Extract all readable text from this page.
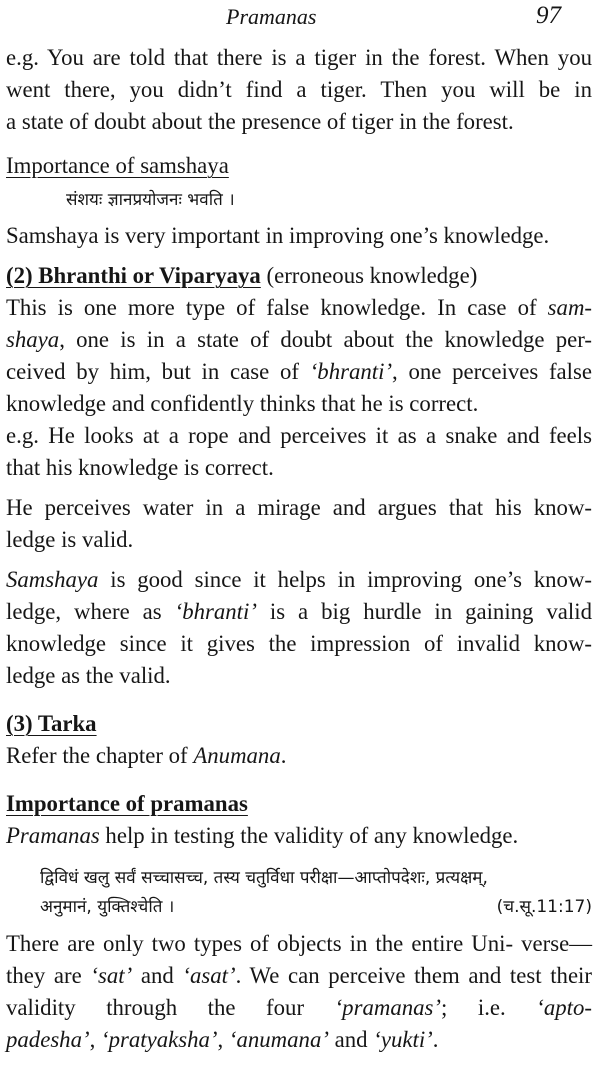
Pramanas	97

e.g. You are told that there is a tiger in the forest. When you went there, you didn’t find a tiger. Then you will be in
a state of doubt about the presence of tiger in the forest.

Importance of samshaya

संशयः ज्ञानप्रयोजनः भवति ।

Samshaya is very important in improving one’s knowledge.

(2) Bhranthi or Viparyaya (erroneous knowledge)

This is one more type of false knowledge. In case of sam- shaya, one is in a state of doubt about the knowledge per- ceived by him, but in case of ‘bhranti’, one perceives false
knowledge and confidently thinks that he is correct.

e.g. He looks at a rope and perceives it as a snake and feels
that his knowledge is correct.

He perceives water in a mirage and argues that his know-
ledge is valid.

Samshaya is good since it helps in improving one’s know- ledge, where as ‘bhranti’ is a big hurdle in gaining valid knowledge since it gives the impression of invalid know-
ledge as the valid.

(3) Tarka

Refer the chapter of Anumana.

Importance of pramanas

Pramanas help in testing the validity of any knowledge.

द्विविधं खलु सर्वं सच्चासच्च, तस्य चतुर्विधा परीक्षा—आप्तोपदेशः, प्रत्यक्षम्,
अनुमानं, युक्तिश्चेति ।	(च.सू.11:17)

There are only two types of objects in the entire Uni- verse—they are ‘sat’ and ‘asat’. We can perceive them and test their validity through the four ‘pramanas’; i.e. ‘apto-
padesha’, ‘pratyaksha’, ‘anumana’ and ‘yukti’.
